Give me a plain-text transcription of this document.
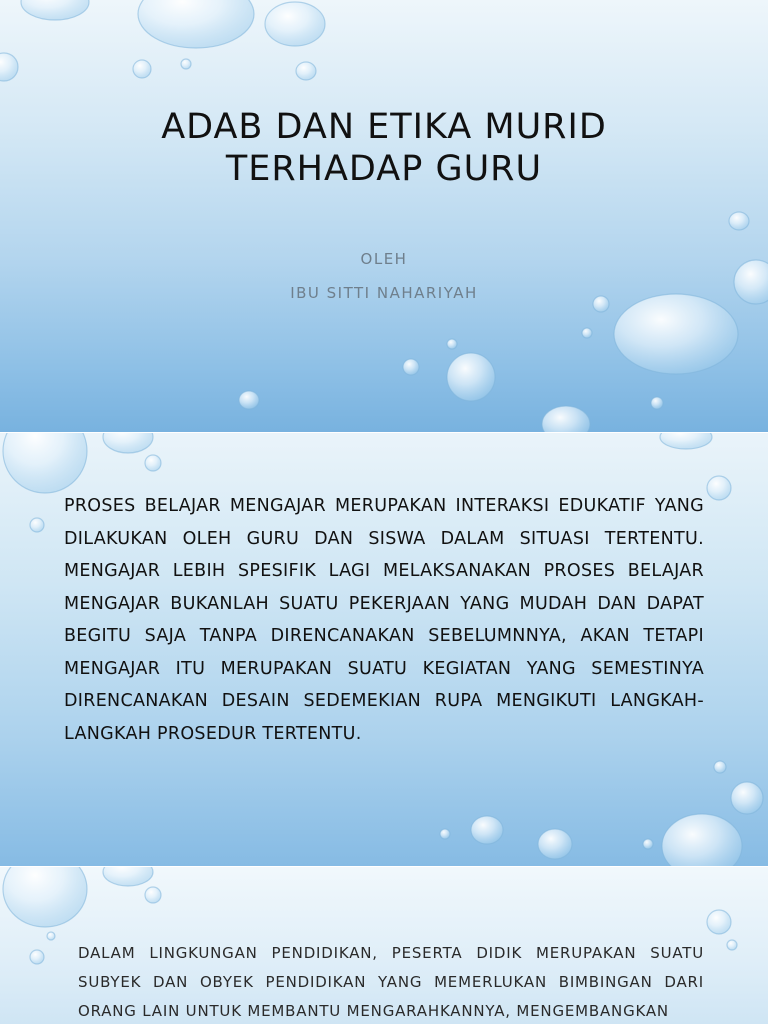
ADAB DAN ETIKA MURID
TERHADAP GURU
OLEH
IBU SITTI NAHARIYAH
PROSES BELAJAR MENGAJAR MERUPAKAN INTERAKSI EDUKATIF YANG DILAKUKAN OLEH GURU DAN SISWA DALAM SITUASI TERTENTU. MENGAJAR LEBIH SPESIFIK LAGI MELAKSANAKAN PROSES BELAJAR MENGAJAR BUKANLAH SUATU PEKERJAAN YANG MUDAH DAN DAPAT BEGITU SAJA TANPA DIRENCANAKAN SEBELUMNNYA, AKAN TETAPI MENGAJAR ITU MERUPAKAN SUATU KEGIATAN YANG SEMESTINYA DIRENCANAKAN DESAIN SEDEMEKIAN RUPA MENGIKUTI LANGKAH-LANGKAH PROSEDUR TERTENTU.
DALAM LINGKUNGAN PENDIDIKAN, PESERTA DIDIK MERUPAKAN SUATU SUBYEK DAN OBYEK PENDIDIKAN YANG MEMERLUKAN BIMBINGAN DARI ORANG LAIN UNTUK MEMBANTU MENGARAHKANNYA, MENGEMBANGKAN
